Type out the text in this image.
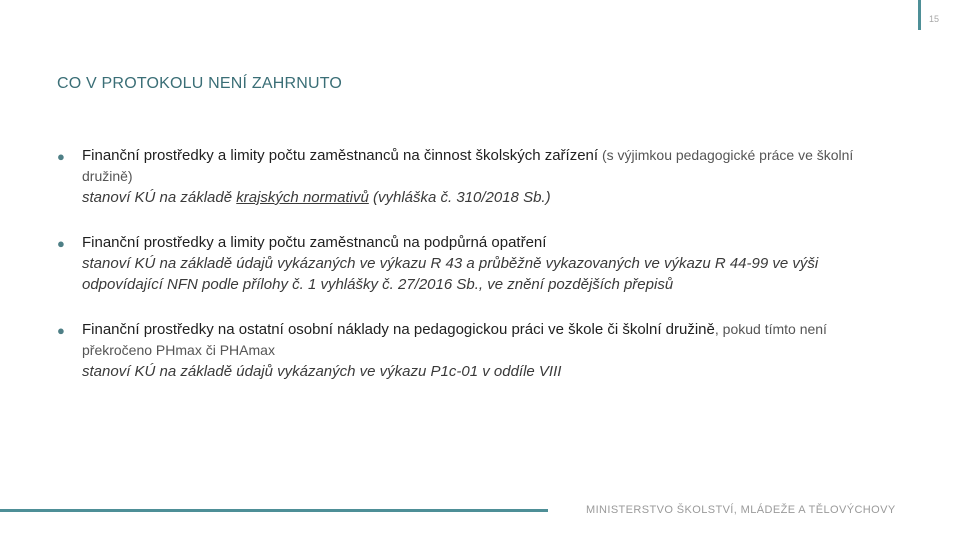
15
CO V PROTOKOLU NENÍ ZAHRNUTO
● Finanční prostředky a limity počtu zaměstnanců na činnost školských zařízení (s výjimkou pedagogické práce ve školní družině)
stanoví KÚ na základě krajských normativů (vyhláška č. 310/2018 Sb.)
● Finanční prostředky a limity počtu zaměstnanců na podpůrná opatření
stanoví KÚ na základě údajů vykázaných ve výkazu R 43 a průběžně vykazovaných ve výkazu R 44-99 ve výši odpovídající NFN podle přílohy č. 1 vyhlášky č. 27/2016 Sb., ve znění pozdějších přepisů
● Finanční prostředky na ostatní osobní náklady na pedagogickou práci ve škole či školní družině, pokud tímto není překročeno PHmax či PHAmax
stanoví KÚ na základě údajů vykázaných ve výkazu P1c-01 v oddíle VIII
MINISTERSTVO ŠKOLSTVÍ, MLÁDEŽE A TĚLOVÝCHOVY
